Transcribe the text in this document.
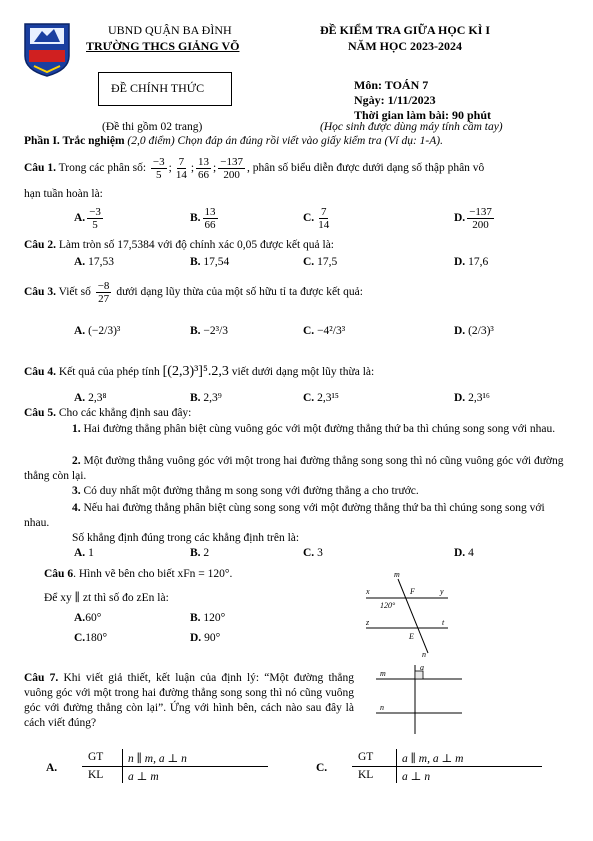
UBND QUẬN BA ĐÌNH
TRƯỜNG THCS GIẢNG VÕ
ĐỀ CHÍNH THỨC
(Đề thi gồm 02 trang)
ĐỀ KIỂM TRA GIỮA HỌC KÌ I
NĂM HỌC 2023-2024
Môn: TOÁN 7
Ngày: 1/11/2023
Thời gian làm bài: 90 phút
(Học sinh được dùng máy tính cầm tay)
Phần I. Trắc nghiệm (2,0 điểm) Chọn đáp án đúng rồi viết vào giấy kiểm tra (Ví dụ: 1-A).
Câu 1. Trong các phân số: $\frac{-3}{5}$ ; $\frac{7}{14}$ ; $\frac{13}{66}$ ; $\frac{-137}{200}$ , phân số biểu diễn được dưới dạng số thập phân vô
hạn tuần hoàn là:
A. $\frac{-3}{5}$	B. $\frac{13}{66}$	C. $\frac{7}{14}$	D. $\frac{-137}{200}$
Câu 2. Làm tròn số 17,5384 với độ chính xác 0,05 được kết quả là:
A. 17,53	B. 17,54	C. 17,5	D. 17,6
Câu 3. Viết số $\frac{-8}{27}$ dưới dạng lũy thừa của một số hữu tỉ ta được kết quả:
A. (−2/3)³	B. −2³/3	C. −4²/3³	D. (2/3)³
Câu 4. Kết quả của phép tính [(2,3)³]⁵.2,3 viết dưới dạng một lũy thừa là:
A. 2,3⁸	B. 2,3⁹	C. 2,3¹⁵	D. 2,3¹⁶
Câu 5. Cho các khẳng định sau đây:
1. Hai đường thẳng phân biệt cùng vuông góc với một đường thẳng thứ ba thì chúng song song với nhau.
2. Một đường thẳng vuông góc với một trong hai đường thẳng song song thì nó cũng vuông góc với đường thẳng còn lại.
3. Có duy nhất một đường thẳng m song song với đường thẳng a cho trước.
4. Nếu hai đường thẳng phân biệt cùng song song với một đường thẳng thứ ba thì chúng song song với nhau.
Số khẳng định đúng trong các khẳng định trên là:
A. 1	B. 2	C. 3	D. 4
Câu 6. Hình vẽ bên cho biết xFn = 120°.
Để xy ∥ zt thì số đo zEn là:
A.60°	B. 120°
C.180°	D. 90°
m
x	F	y
120°
z
E
t
n
Câu 7. Khi viết giả thiết, kết luận của định lý: “Một đường thẳng vuông góc với một trong hai đường thẳng song song thì nó cũng vuông góc với đường thẳng còn lại”. Ứng với hình bên, cách nào sau đây là cách viết đúng?
a
m
n
A.
GT n ∥ m, a ⊥ n
KL a ⊥ m
C.
GT a ∥ m, a ⊥ m
KL a ⊥ n
